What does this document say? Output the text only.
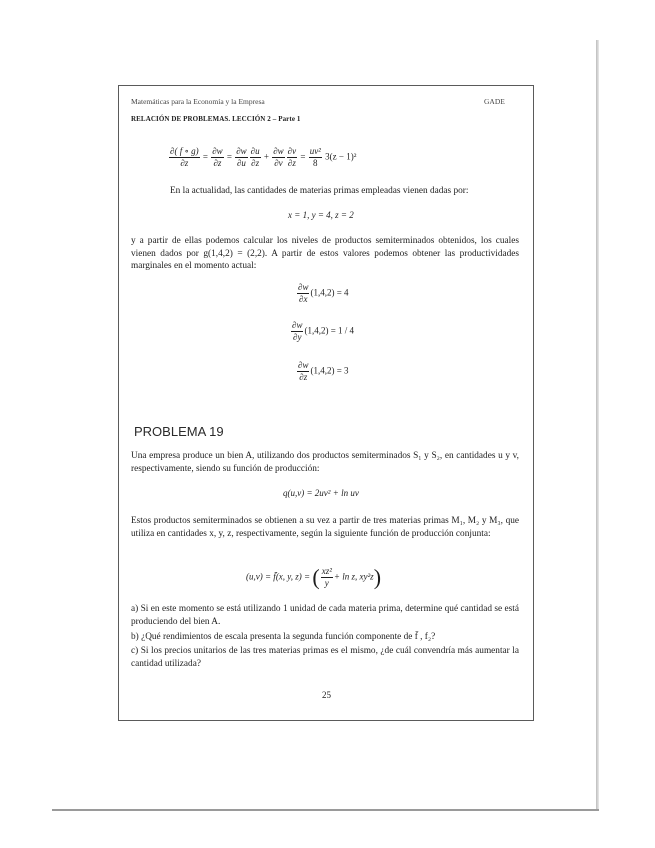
Matemáticas para la Economía y la Empresa	GADE
RELACIÓN DE PROBLEMAS. LECCIÓN 2 – Parte 1
$\frac{\partial( f \circ g)}{\partial z} = \frac{\partial w}{\partial z} = \frac{\partial w}{\partial u} \frac{\partial u}{\partial z} + \frac{\partial w}{\partial v} \frac{\partial v}{\partial z} = \frac{\text{uv²}}{8} 3(z - 1)^2$
En la actualidad, las cantidades de materias primas empleadas vienen dadas por:
x = 1, y = 4, z = 2
y a partir de ellas podemos calcular los niveles de productos semiterminados obtenidos, los cuales vienen dados por g(1,4,2) = (2,2). A partir de estos valores podemos obtener las productividades marginales en el momento actual:
$\frac{\partial w}{\partial x} (1,4,2) = 4$
$\frac{\partial w}{\partial y} (1,4,2) = 1 / 4$
$\frac{\partial w}{\partial z} (1,4,2) = 3$
PROBLEMA 19
Una empresa produce un bien A, utilizando dos productos semiterminados S₁ y S₂, en cantidades u y v, respectivamente, siendo su función de producción:
q(u,v) = 2uv² + ln uv
Estos productos semiterminados se obtienen a su vez a partir de tres materias primas M₁, M₂ y M₃, que utiliza en cantidades x, y, z, respectivamente, según la siguiente función de producción conjunta:
(u,v) = f̄(x, y, z) = ( $\frac{\text{xz²}}{y} + \ln z$, xy²z)
a) Si en este momento se está utilizando 1 unidad de cada materia prima, determine qué cantidad se está produciendo del bien A.
b) ¿Qué rendimientos de escala presenta la segunda función componente de f̄ , f₂?
c) Si los precios unitarios de las tres materias primas es el mismo, ¿de cuál convendría más aumentar la cantidad utilizada?
25
